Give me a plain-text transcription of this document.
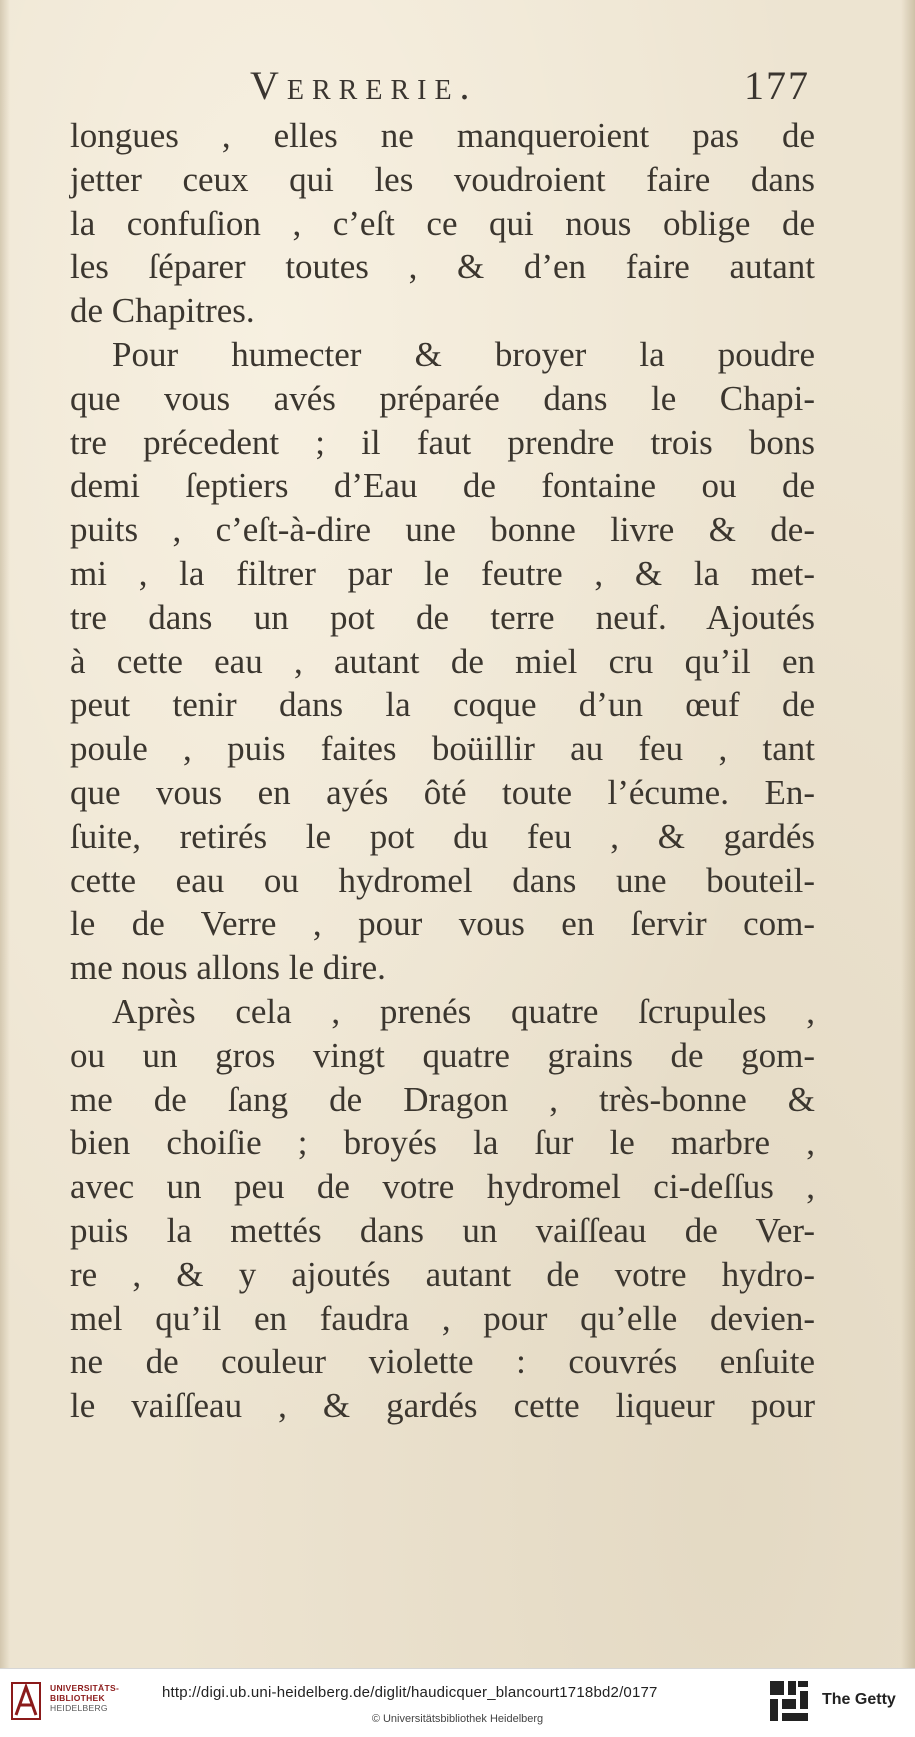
Verrerie.	177
longues , elles ne manqueroient pas de
jetter ceux qui les voudroient faire dans
la confuſion , c’eſt ce qui nous oblige de
les ſéparer toutes , & d’en faire autant
de Chapitres.
Pour humecter & broyer la poudre
que vous avés préparée dans le Chapi-
tre précedent ; il faut prendre trois bons
demi ſeptiers d’Eau de fontaine ou de
puits , c’eſt-à-dire une bonne livre & de-
mi , la filtrer par le feutre , & la met-
tre dans un pot de terre neuf. Ajoutés
à cette eau , autant de miel cru qu’il en
peut tenir dans la coque d’un œuf de
poule , puis faites boüillir au feu , tant
que vous en ayés ôté toute l’écume. En-
ſuite, retirés le pot du feu , & gardés
cette eau ou hydromel dans une bouteil-
le de Verre , pour vous en ſervir com-
me nous allons le dire.
Après cela , prenés quatre ſcrupules ,
ou un gros vingt quatre grains de gom-
me de ſang de Dragon , très-bonne &
bien choiſie ; broyés la ſur le marbre ,
avec un peu de votre hydromel ci-deſſus ,
puis la mettés dans un vaiſſeau de Ver-
re , & y ajoutés autant de votre hydro-
mel qu’il en faudra , pour qu’elle devien-
ne de couleur violette : couvrés enſuite
le vaiſſeau , & gardés cette liqueur pour
UNIVERSITÄTS-
BIBLIOTHEK
HEIDELBERG
http://digi.ub.uni-heidelberg.de/diglit/haudicquer_blancourt1718bd2/0177
© Universitätsbibliothek Heidelberg
The Getty
